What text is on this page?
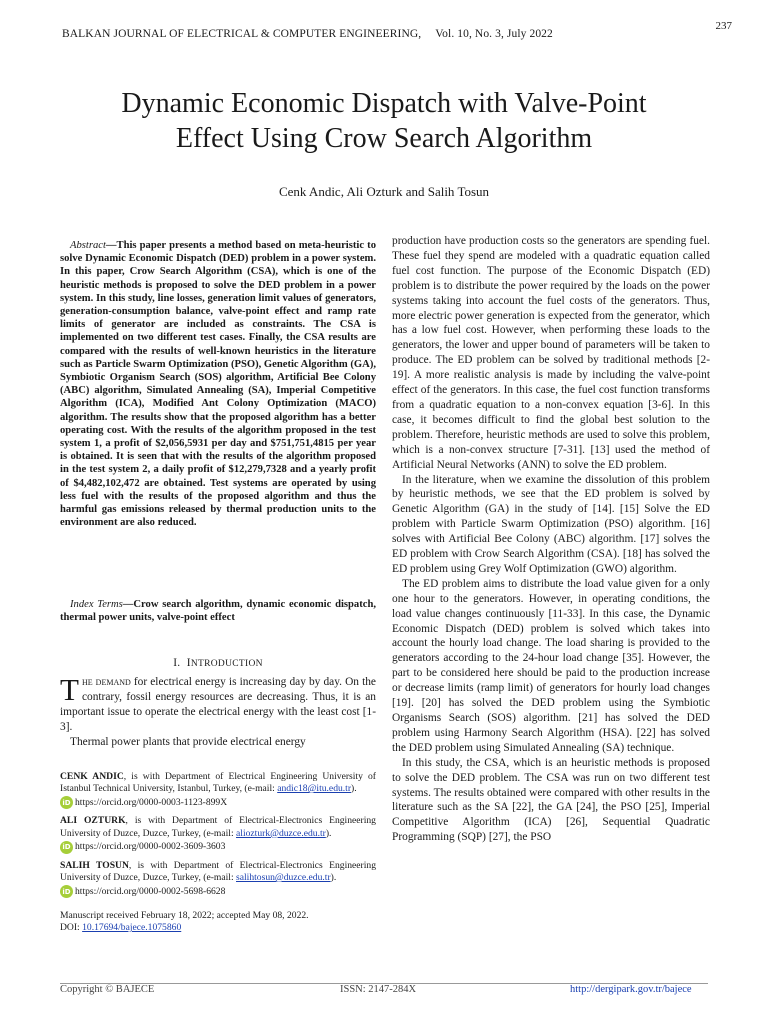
237
BALKAN JOURNAL OF ELECTRICAL & COMPUTER ENGINEERING, Vol. 10, No. 3, July 2022
Dynamic Economic Dispatch with Valve-Point
Effect Using Crow Search Algorithm
Cenk Andic, Ali Ozturk and Salih Tosun
Abstract—This paper presents a method based on meta-heuristic to solve Dynamic Economic Dispatch (DED) problem in a power system. In this paper, Crow Search Algorithm (CSA), which is one of the heuristic methods is proposed to solve the DED problem in a power system. In this study, line losses, generation limit values of generators, generation-consumption balance, valve-point effect and ramp rate limits of generator are included as constraints. The CSA is implemented on two different test cases. Finally, the CSA results are compared with the results of well-known heuristics in the literature such as Particle Swarm Optimization (PSO), Genetic Algorithm (GA), Symbiotic Organism Search (SOS) algorithm, Artificial Bee Colony (ABC) algorithm, Simulated Annealing (SA), Imperial Competitive Algorithm (ICA), Modified Ant Colony Optimization (MACO) algorithm. The results show that the proposed algorithm has a better operating cost. With the results of the algorithm proposed in the test system 1, a profit of $2,056,5931 per day and $751,751,4815 per year is obtained. It is seen that with the results of the algorithm proposed in the test system 2, a daily profit of $12,279,7328 and a yearly profit of $4,482,102,472 are obtained. Test systems are operated by using less fuel with the results of the proposed algorithm and thus the harmful gas emissions released by thermal production units to the environment are also reduced.
Index Terms—Crow search algorithm, dynamic economic dispatch, thermal power units, valve-point effect
I. INTRODUCTION

The demand for electrical energy is increasing day by day. On the contrary, fossil energy resources are decreasing. Thus, it is an important issue to operate the electrical energy with the least cost [1-3].

Thermal power plants that provide electrical energy

CENK ANDIC, is with Department of Electrical Engineering University of Istanbul Technical University, Istanbul, Turkey, (e-mail: andic18@itu.edu.tr).
iD https://orcid.org/0000-0003-1123-899X
ALI OZTURK, is with Department of Electrical-Electronics Engineering University of Duzce, Duzce, Turkey, (e-mail: aliozturk@duzce.edu.tr).
iD https://orcid.org/0000-0002-3609-3603
SALIH TOSUN, is with Department of Electrical-Electronics Engineering University of Duzce, Duzce, Turkey, (e-mail: salihtosun@duzce.edu.tr).
iD https://orcid.org/0000-0002-5698-6628
Manuscript received February 18, 2022; accepted May 08, 2022.
DOI: 10.17694/bajece.1075860

production have production costs so the generators are spending fuel. These fuel they spend are modeled with a quadratic equation called fuel cost function. The purpose of the Economic Dispatch (ED) problem is to distribute the power required by the loads on the power systems taking into account the fuel costs of the generators. Thus, more electric power generation is expected from the generator, which has a low fuel cost. However, when performing these loads to the generators, the lower and upper bound of parameters will be taken to produce. The ED problem can be solved by traditional methods [2-19]. A more realistic analysis is made by including the valve-point effect of the generators. In this case, the fuel cost function transforms from a quadratic equation to a non-convex equation [3-6]. In this case, it becomes difficult to find the global best solution to the problem. Therefore, heuristic methods are used to solve this problem, which is a non-convex structure [7-31]. [13] used the method of Artificial Neural Networks (ANN) to solve the ED problem.

In the literature, when we examine the dissolution of this problem by heuristic methods, we see that the ED problem is solved by Genetic Algorithm (GA) in the study of [14]. [15] Solve the ED problem with Particle Swarm Optimization (PSO) algorithm. [16] solves with Artificial Bee Colony (ABC) algorithm. [17] solves the ED problem with Crow Search Algorithm (CSA). [18] has solved the ED problem using Grey Wolf Optimization (GWO) algorithm.

The ED problem aims to distribute the load value given for a only one hour to the generators. However, in operating conditions, the load value changes continuously [11-33]. In this case, the Dynamic Economic Dispatch (DED) problem is solved which takes into account the hourly load change. The load sharing is provided to the generators according to the 24-hour load change [35]. However, the part to be considered here should be paid to the production increase or decrease limits (ramp limit) of generators for hourly load changes [19]. [20] has solved the DED problem using the Symbiotic Organisms Search (SOS) algorithm. [21] has solved the DED problem using Harmony Search Algorithm (HSA). [22] has solved the DED problem using Simulated Annealing (SA) technique.

In this study, the CSA, which is an heuristic methods is proposed to solve the DED problem. The CSA was run on two different test systems. The results obtained were compared with other results in the literature such as the SA [22], the GA [24], the PSO [25], Imperial Competitive Algorithm (ICA) [26], Sequential Quadratic Programming (SQP) [27], the PSO

Copyright © BAJECE	ISSN: 2147-284X	http://dergipark.gov.tr/bajece
